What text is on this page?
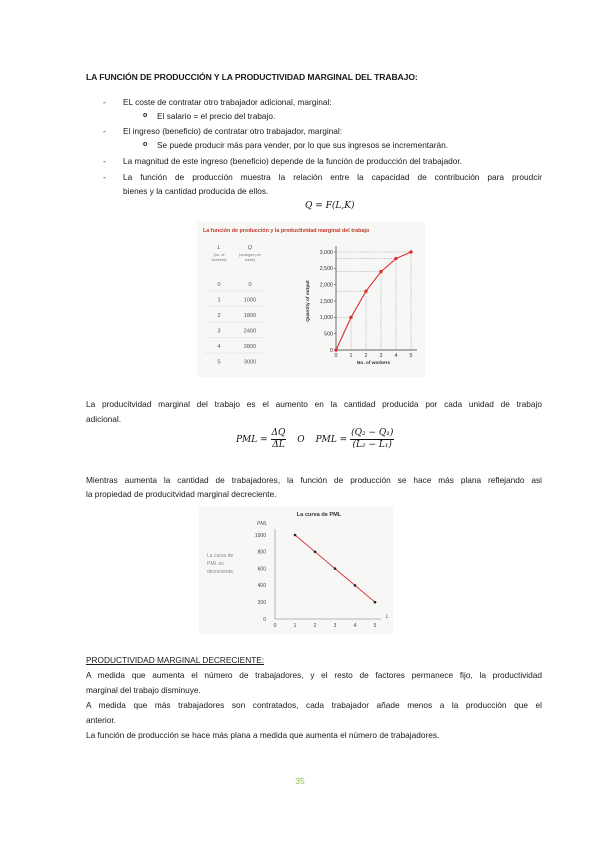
LA FUNCIÓN DE PRODUCCIÓN Y LA PRODUCTIVIDAD MARGINAL DEL TRABAJO:
- EL coste de contratar otro trabajador adicional, marginal:
o El salario = el precio del trabajo.
- El ingreso (beneficio) de contratar otro trabajador, marginal:
o Se puede producir más para vender, por lo que sus ingresos se incrementarán.
- La magnitud de este ingreso (beneficio) depende de la función de producción del trabajador.
- La función de producción muestra la relación entre la capacidad de contribución para proudcir
bienes y la cantidad producida de ellos.
Q = F(L,K)
La función de producción y la productividad marginal del trabajo
L
(no. of
workers)
Q
(oranges per
week)
0	0
1	1000
2	1800
3	2400
4	2800
5	3000
0
500
1,000
1,500
2,000
2,500
3,000
0 1 2 3 4 5
No. of workers
Quantity of output
La producitvidad marginal del trabajo es el aumento en la cantidad producida por cada unidad de trabajo
adicional.
PML = $\frac{\Delta Q}{\Delta L}$ O PML = $\frac{\text{(Q₂ − Q₁)}}{\text{(L₂ − L₁)}}$
Mientras aumenta la cantidad de trabajadores, la función de producción se hace más plana reflejando asi
la propiedad de producitvidad marginal decreciente.
La curva de PML
La curva de
PML es
decreciente.
PML
0
200
400
600
800
1000
0	1	2	3	4	5
L
PRODUCTIVIDAD MARGINAL DECRECIENTE:
A medida que aumenta el número de trabajadores, y el resto de factores permanece fijo, la productividad
marginal del trabajo disminuye.
A medida que más trabajadores son contratados, cada trabajador añade menos a la producción que el
anterior.
La función de producción se hace más plana a medida que aumenta el número de trabajadores.
35
